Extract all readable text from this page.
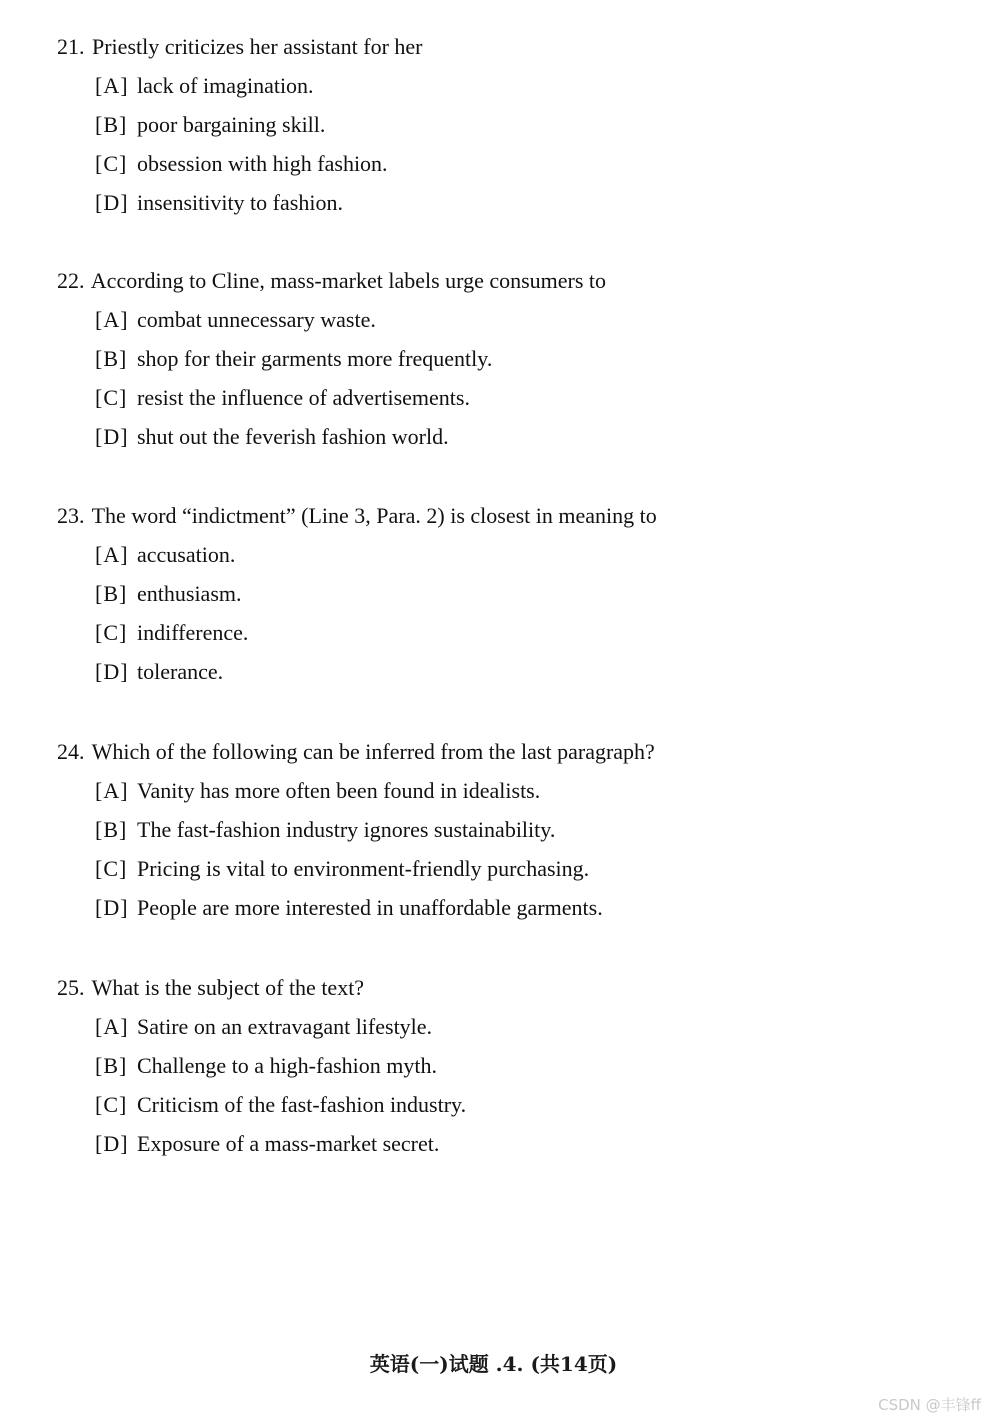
21. Priestly criticizes her assistant for her
[A] lack of imagination.
[B] poor bargaining skill.
[C] obsession with high fashion.
[D] insensitivity to fashion.
22. According to Cline, mass-market labels urge consumers to
[A] combat unnecessary waste.
[B] shop for their garments more frequently.
[C] resist the influence of advertisements.
[D] shut out the feverish fashion world.
23. The word “indictment” (Line 3, Para. 2) is closest in meaning to
[A] accusation.
[B] enthusiasm.
[C] indifference.
[D] tolerance.
24. Which of the following can be inferred from the last paragraph?
[A] Vanity has more often been found in idealists.
[B] The fast-fashion industry ignores sustainability.
[C] Pricing is vital to environment-friendly purchasing.
[D] People are more interested in unaffordable garments.
25. What is the subject of the text?
[A] Satire on an extravagant lifestyle.
[B] Challenge to a high-fashion myth.
[C] Criticism of the fast-fashion industry.
[D] Exposure of a mass-market secret.
英语(一)试题 .4. (共14页)
CSDN @丰锋ff
